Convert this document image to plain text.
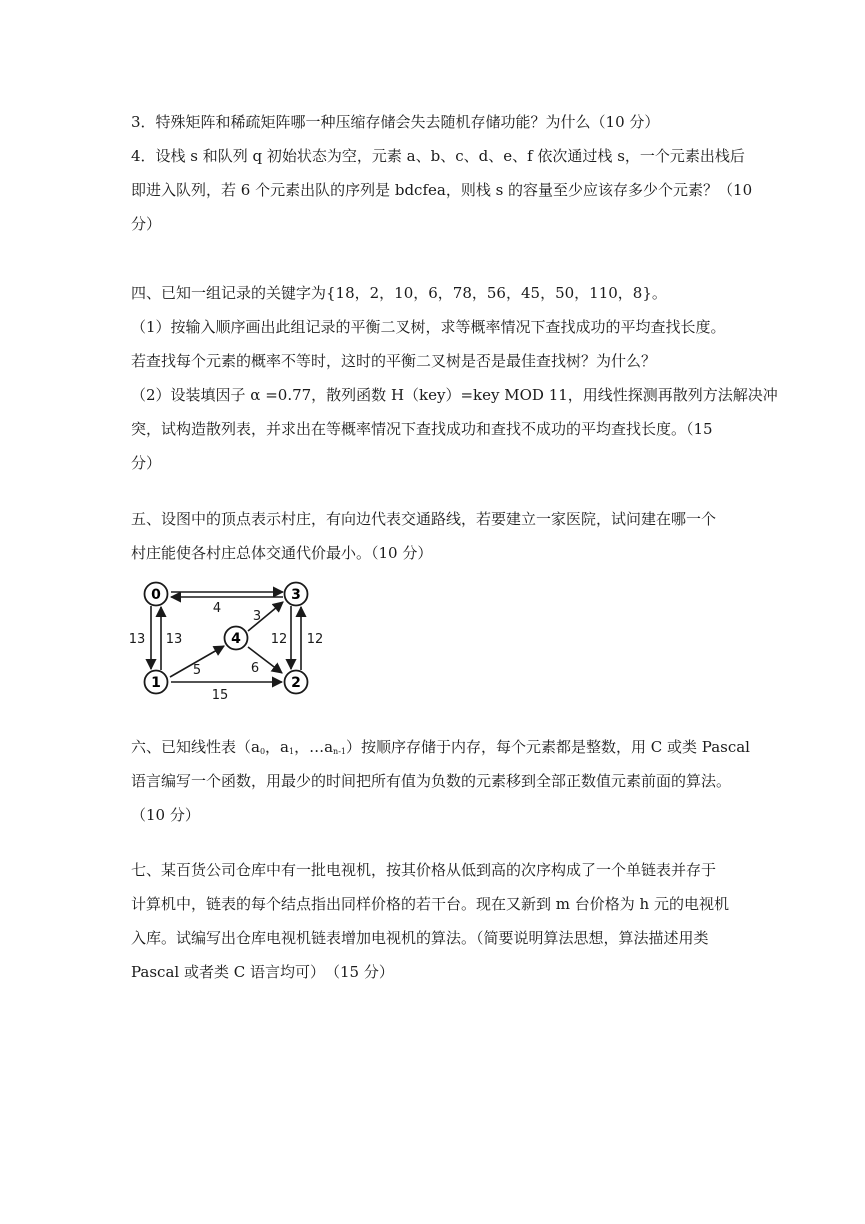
3．特殊矩阵和稀疏矩阵哪一种压缩存储会失去随机存储功能？为什么（10 分）
4．设栈 s 和队列 q 初始状态为空，元素 a、b、c、d、e、f 依次通过栈 s，一个元素出栈后
即进入队列，若 6 个元素出队的序列是 bdcfea，则栈 s 的容量至少应该存多少个元素？（10
分）
四、已知一组记录的关键字为{18，2，10，6，78，56，45，50，110，8}。
（1）按输入顺序画出此组记录的平衡二叉树，求等概率情况下查找成功的平均查找长度。
若查找每个元素的概率不等时，这时的平衡二叉树是否是最佳查找树？为什么？
（2）设装填因子 α =0.77，散列函数 H（key）=key MOD 11，用线性探测再散列方法解决冲
突，试构造散列表，并求出在等概率情况下查找成功和查找不成功的平均查找长度。（15
分）
五、设图中的顶点表示村庄，有向边代表交通路线，若要建立一家医院，试问建在哪一个
村庄能使各村庄总体交通代价最小。（10 分）
4
3
13 13	12 12
5	6
15
0
1	2
3
4
六、已知线性表（$a_0$，$a_1$，$\dots a_{n-1}$）按顺序存储于内存，每个元素都是整数，用 C 或类 Pascal
语言编写一个函数，用最少的时间把所有值为负数的元素移到全部正数值元素前面的算法。
（10 分）
七、某百货公司仓库中有一批电视机，按其价格从低到高的次序构成了一个单链表并存于
计算机中，链表的每个结点指出同样价格的若干台。现在又新到 m 台价格为 h 元的电视机
入库。试编写出仓库电视机链表增加电视机的算法。（简要说明算法思想，算法描述用类
Pascal 或者类 C 语言均可）　（15 分）
